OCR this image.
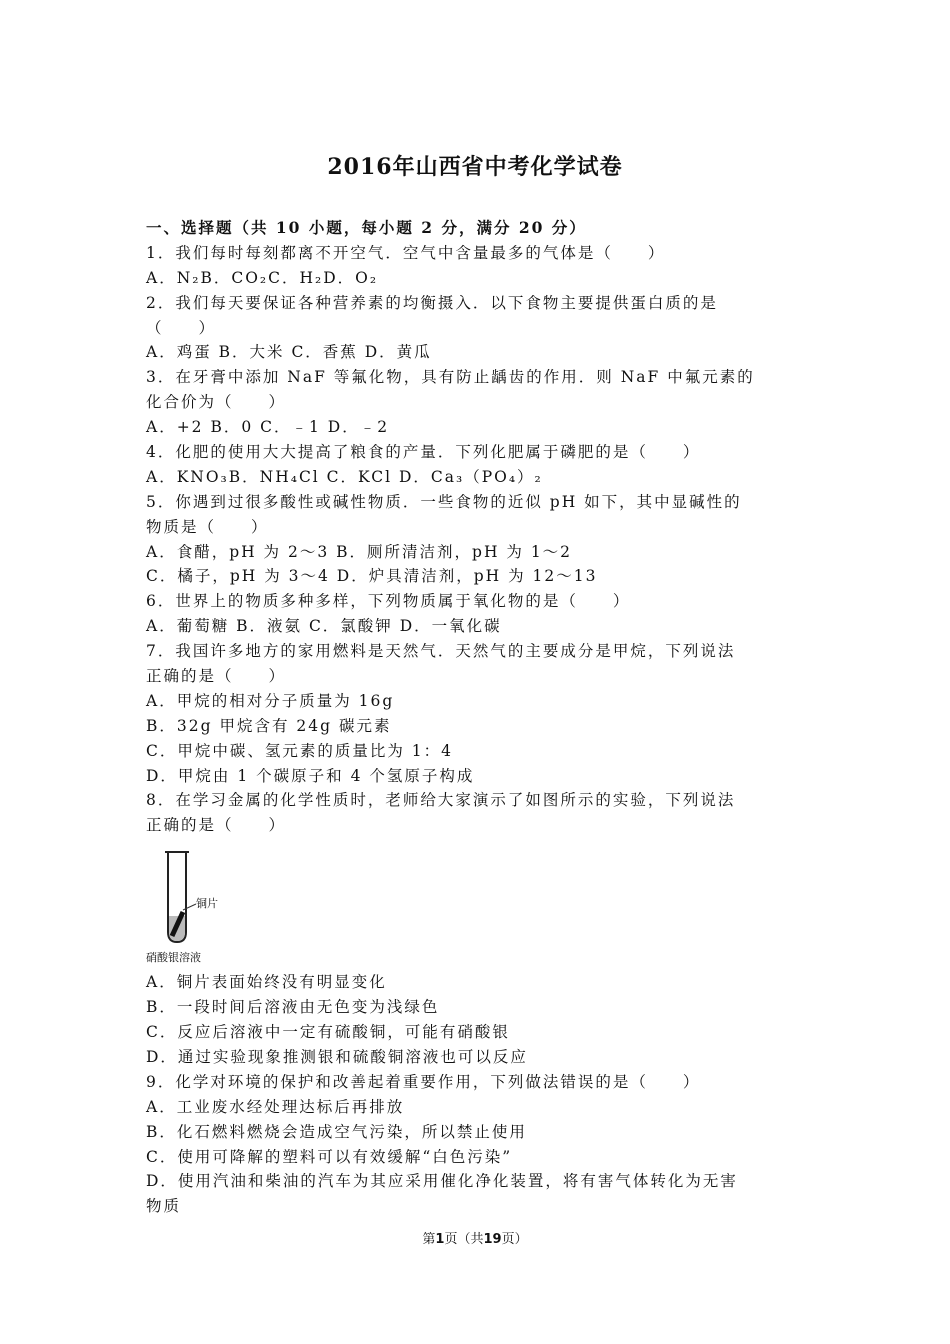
2016年山西省中考化学试卷
一、选择题（共 10 小题，每小题 2 分，满分 20 分）
1．我们每时每刻都离不开空气．空气中含量最多的气体是（　　）
A．N₂B．CO₂C．H₂D．O₂
2．我们每天要保证各种营养素的均衡摄入．以下食物主要提供蛋白质的是
（　　）
A．鸡蛋 B．大米 C．香蕉 D．黄瓜
3．在牙膏中添加 NaF 等氟化物，具有防止龋齿的作用．则 NaF 中氟元素的
化合价为（　　）
A．+2 B．0 C．﹣1 D．﹣2
4．化肥的使用大大提高了粮食的产量．下列化肥属于磷肥的是（　　）
A．KNO₃B．NH₄Cl C．KCl D．Ca₃（PO₄）₂
5．你遇到过很多酸性或碱性物质．一些食物的近似 pH 如下，其中显碱性的
物质是（　　）
A．食醋，pH 为 2～3 B．厕所清洁剂，pH 为 1～2
C．橘子，pH 为 3～4 D．炉具清洁剂，pH 为 12～13
6．世界上的物质多种多样，下列物质属于氧化物的是（　　）
A．葡萄糖 B．液氨 C．氯酸钾 D．一氧化碳
7．我国许多地方的家用燃料是天然气．天然气的主要成分是甲烷，下列说法
正确的是（　　）
A．甲烷的相对分子质量为 16g
B．32g 甲烷含有 24g 碳元素
C．甲烷中碳、氢元素的质量比为 1：4
D．甲烷由 1 个碳原子和 4 个氢原子构成
8．在学习金属的化学性质时，老师给大家演示了如图所示的实验，下列说法
正确的是（　　）
铜片
硝酸银溶液
A．铜片表面始终没有明显变化
B．一段时间后溶液由无色变为浅绿色
C．反应后溶液中一定有硫酸铜，可能有硝酸银
D．通过实验现象推测银和硫酸铜溶液也可以反应
9．化学对环境的保护和改善起着重要作用，下列做法错误的是（　　）
A．工业废水经处理达标后再排放
B．化石燃料燃烧会造成空气污染，所以禁止使用
C．使用可降解的塑料可以有效缓解“白色污染”
D．使用汽油和柴油的汽车为其应采用催化净化装置，将有害气体转化为无害
物质
第1页（共19页）
